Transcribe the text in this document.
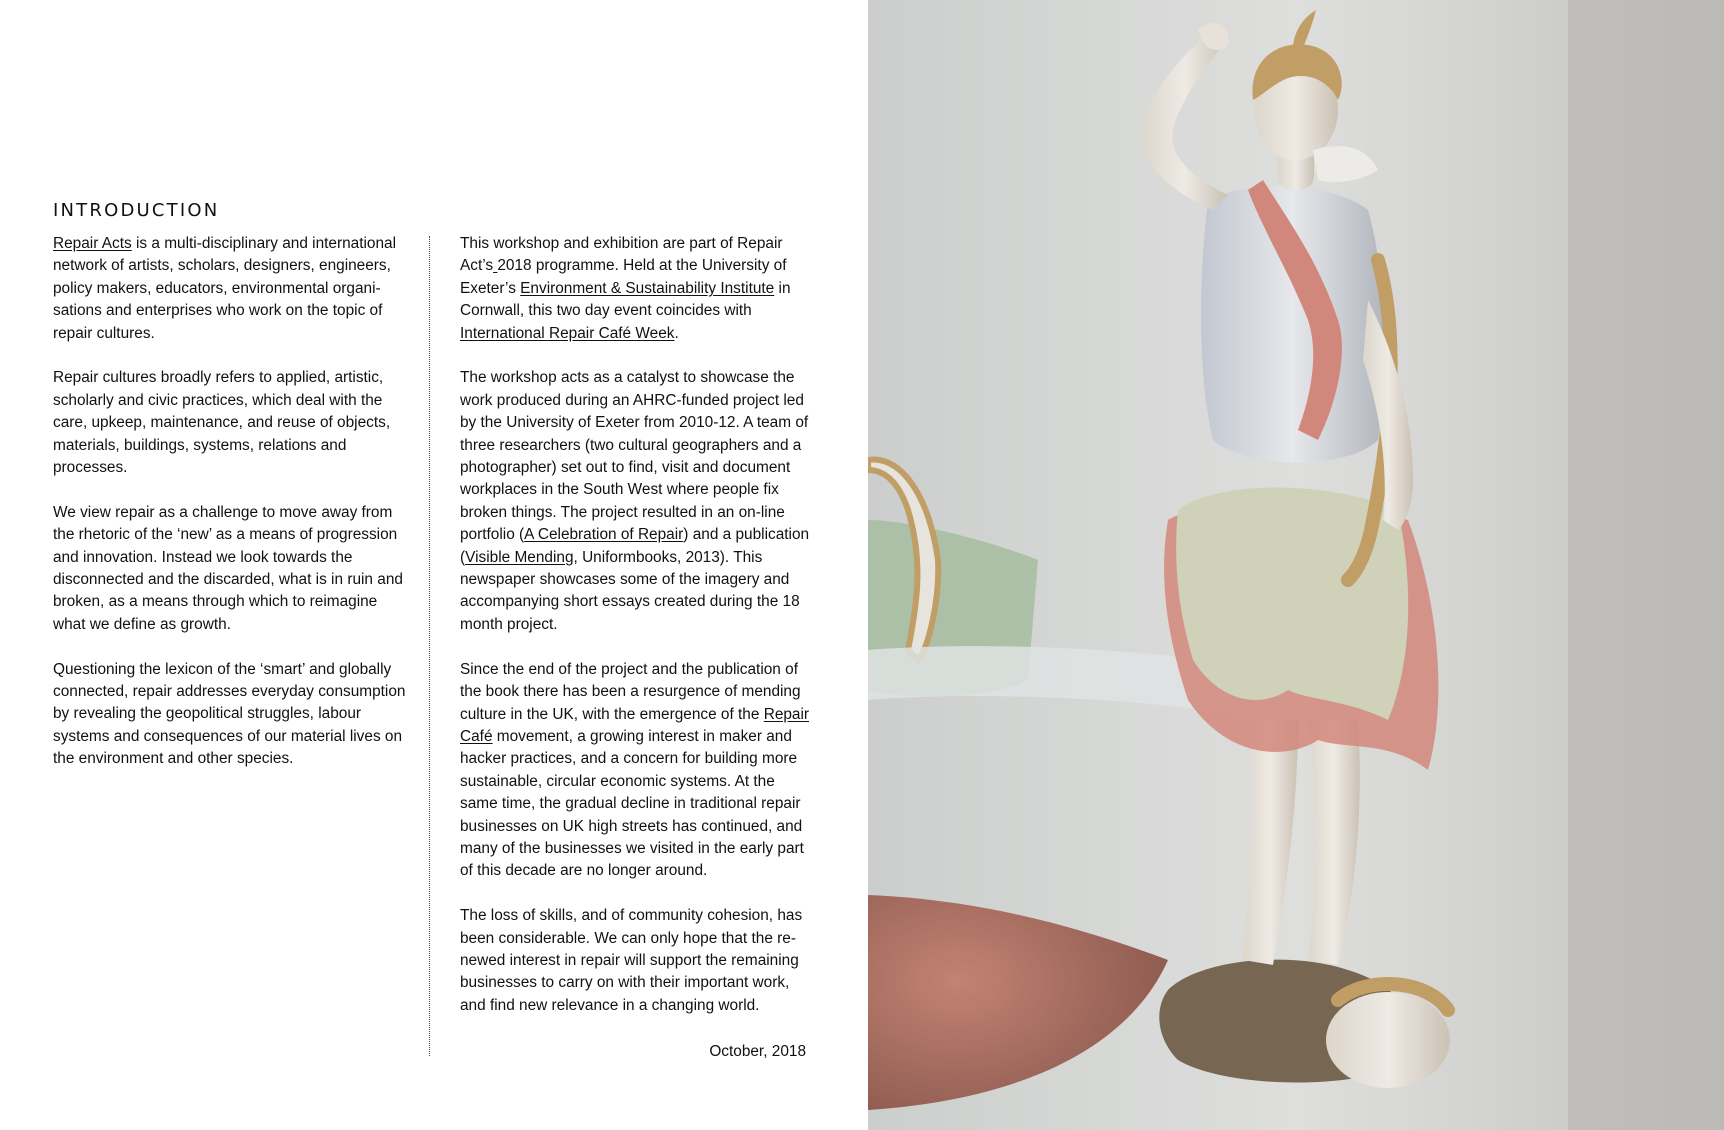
INTRODUCTION

Repair Acts is a multi-disciplinary and international network of artists, scholars, designers, engineers, policy makers, educators, environmental organisations and enterprises who work on the topic of repair cultures.

Repair cultures broadly refers to applied, artistic, scholarly and civic practices, which deal with the care, upkeep, maintenance, and reuse of objects, materials, buildings, systems, relations and processes.

We view repair as a challenge to move away from the rhetoric of the ‘new’ as a means of progression and innovation. Instead we look towards the disconnected and the discarded, what is in ruin and broken, as a means through which to reimagine what we define as growth.

Questioning the lexicon of the ‘smart’ and globally connected, repair addresses everyday consumption by revealing the geopolitical struggles, labour systems and consequences of our material lives on the environment and other species.

This workshop and exhibition are part of Repair Act’s 2018 programme. Held at the University of Exeter’s Environment & Sustainability Institute in Cornwall, this two day event coincides with International Repair Café Week.

The workshop acts as a catalyst to showcase the work produced during an AHRC-funded project led by the University of Exeter from 2010-12. A team of three researchers (two cultural geographers and a photographer) set out to find, visit and document workplaces in the South West where people fix broken things. The project resulted in an on-line portfolio (A Celebration of Repair) and a publication (Visible Mending, Uniformbooks, 2013). This newspaper showcases some of the imagery and accompanying short essays created during the 18 month project.

Since the end of the project and the publication of the book there has been a resurgence of mending culture in the UK, with the emergence of the Repair Café movement, a growing interest in maker and hacker practices, and a concern for building more sustainable, circular economic systems. At the same time, the gradual decline in traditional repair businesses on UK high streets has continued, and many of the businesses we visited in the early part of this decade are no longer around.

The loss of skills, and of community cohesion, has been considerable. We can only hope that the renewed interest in repair will support the remaining businesses to carry on with their important work, and find new relevance in a changing world.

October, 2018
